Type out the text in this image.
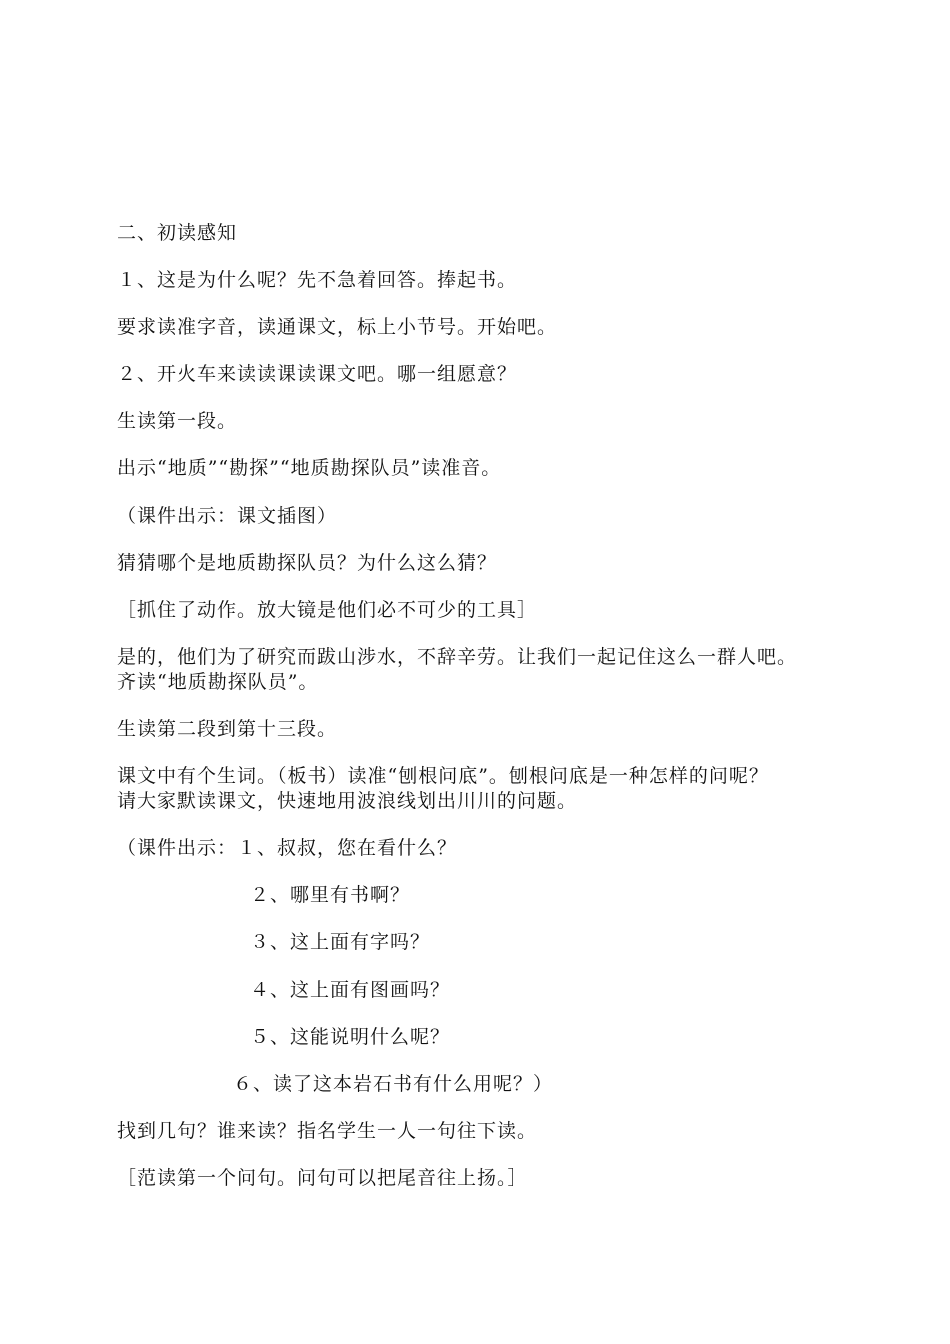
二、初读感知
１、这是为什么呢？先不急着回答。捧起书。
要求读准字音，读通课文，标上小节号。开始吧。
２、开火车来读读课读课文吧。哪一组愿意？
生读第一段。
出示“地质”“勘探”“地质勘探队员”读准音。
（课件出示：课文插图）
猜猜哪个是地质勘探队员？为什么这么猜？
［抓住了动作。放大镜是他们必不可少的工具］
是的，他们为了研究而跋山涉水，不辞辛劳。让我们一起记住这么一群人吧。
齐读“地质勘探队员”。
生读第二段到第十三段。
课文中有个生词。（板书）读准“刨根问底”。刨根问底是一种怎样的问呢？
请大家默读课文，快速地用波浪线划出川川的问题。
（课件出示：１、叔叔，您在看什么？
２、哪里有书啊？
３、这上面有字吗？
４、这上面有图画吗？
５、这能说明什么呢？
６、读了这本岩石书有什么用呢？）
找到几句？谁来读？指名学生一人一句往下读。
［范读第一个问句。问句可以把尾音往上扬。］
